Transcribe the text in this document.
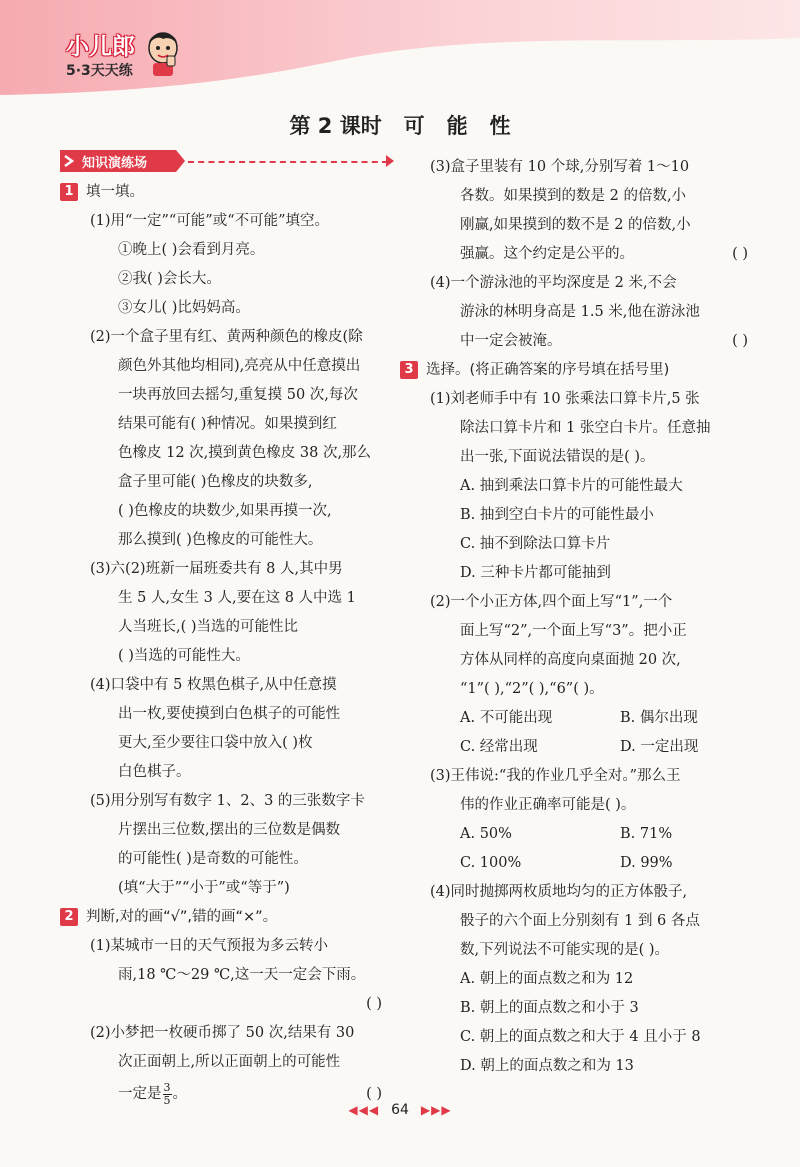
小儿郎
5·3天天练
第 2 课时   可   能   性
知识演练场
1 填一填。
(1)用“一定”“可能”或“不可能”填空。
①晚上( )会看到月亮。
②我( )会长大。
③女儿( )比妈妈高。
(2)一个盒子里有红、黄两种颜色的橡皮(除
颜色外其他均相同),亮亮从中任意摸出
一块再放回去摇匀,重复摸 50 次,每次
结果可能有( )种情况。如果摸到红
色橡皮 12 次,摸到黄色橡皮 38 次,那么
盒子里可能( )色橡皮的块数多,
( )色橡皮的块数少,如果再摸一次,
那么摸到( )色橡皮的可能性大。
(3)六(2)班新一届班委共有 8 人,其中男
生 5 人,女生 3 人,要在这 8 人中选 1
人当班长,( )当选的可能性比
( )当选的可能性大。
(4)口袋中有 5 枚黑色棋子,从中任意摸
出一枚,要使摸到白色棋子的可能性
更大,至少要往口袋中放入( )枚
白色棋子。
(5)用分别写有数字 1、2、3 的三张数字卡
片摆出三位数,摆出的三位数是偶数
的可能性( )是奇数的可能性。
(填“大于”“小于”或“等于”)
2 判断,对的画“√”,错的画“×”。
(1)某城市一日的天气预报为多云转小
雨,18 ℃～29 ℃,这一天一定会下雨。
( )
(2)小梦把一枚硬币掷了 50 次,结果有 30
次正面朝上,所以正面朝上的可能性
一定是 $\frac{3}{5}$ 。	( )
(3)盒子里装有 10 个球,分别写着 1～10
各数。如果摸到的数是 2 的倍数,小
刚赢,如果摸到的数不是 2 的倍数,小
强赢。这个约定是公平的。	( )
(4)一个游泳池的平均深度是 2 米,不会
游泳的林明身高是 1.5 米,他在游泳池
中一定会被淹。	( )
3 选择。(将正确答案的序号填在括号里)
(1)刘老师手中有 10 张乘法口算卡片,5 张
除法口算卡片和 1 张空白卡片。任意抽
出一张,下面说法错误的是( )。
A. 抽到乘法口算卡片的可能性最大
B. 抽到空白卡片的可能性最小
C. 抽不到除法口算卡片
D. 三种卡片都可能抽到
(2)一个小正方体,四个面上写“1”,一个
面上写“2”,一个面上写“3”。把小正
方体从同样的高度向桌面抛 20 次,
“1”( ),“2”( ),“6”( )。
A. 不可能出现	B. 偶尔出现
C. 经常出现	D. 一定出现
(3)王伟说:“我的作业几乎全对。”那么王
伟的作业正确率可能是( )。
A. 50%	B. 71%
C. 100%	D. 99%
(4)同时抛掷两枚质地均匀的正方体骰子,
骰子的六个面上分别刻有 1 到 6 各点
数,下列说法不可能实现的是( )。
A. 朝上的面点数之和为 12
B. 朝上的面点数之和小于 3
C. 朝上的面点数之和大于 4 且小于 8
D. 朝上的面点数之和为 13
◀◀◀ 64 ▶▶▶
